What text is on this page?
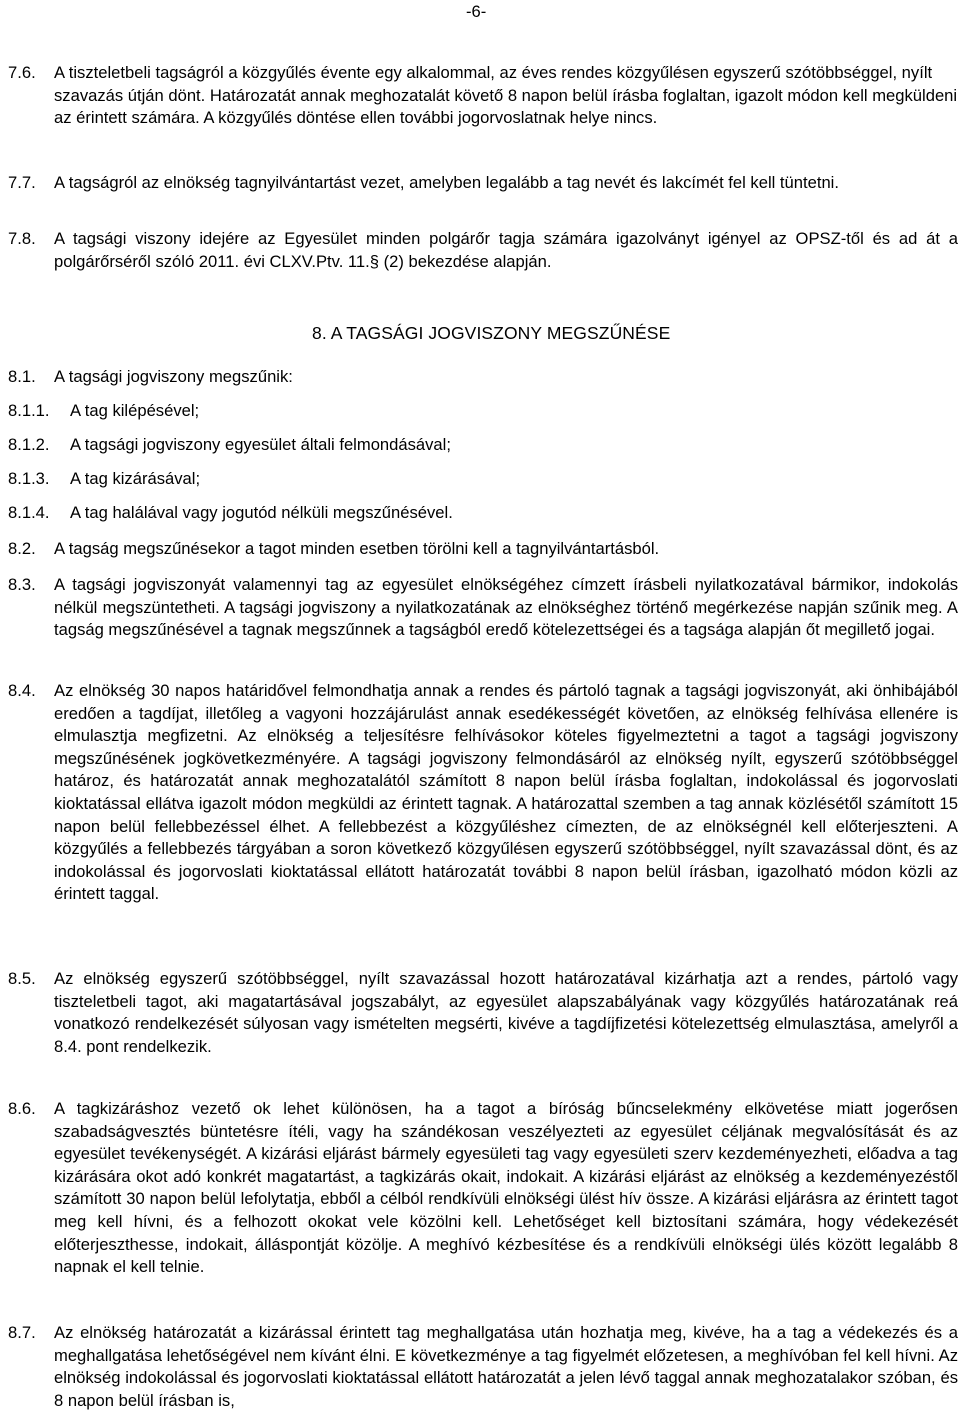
-6-
7.6.	A tiszteletbeli tagságról a közgyűlés évente egy alkalommal, az éves rendes közgyűlésen egyszerű szótöbbséggel, nyílt szavazás útján dönt. Határozatát annak meghozatalát követő 8 napon belül írásba foglaltan, igazolt módon kell megküldeni az érintett számára. A közgyűlés döntése ellen további jogorvoslatnak helye nincs.
7.7.	A tagságról az elnökség tagnyilvántartást vezet, amelyben legalább a tag nevét és lakcímét fel kell tüntetni.
7.8.	A tagsági viszony idejére az Egyesület minden polgárőr tagja számára igazolványt igényel az OPSZ-től és ad át a polgárőrséről szóló 2011. évi CLXV.Ptv. 11.§ (2) bekezdése alapján.
8. A TAGSÁGI JOGVISZONY MEGSZŰNÉSE
8.1.	A tagsági jogviszony megszűnik:
8.1.1.	A tag kilépésével;
8.1.2.	A tagsági jogviszony egyesület általi felmondásával;
8.1.3.	A tag kizárásával;
8.1.4.	A tag halálával vagy jogutód nélküli megszűnésével.
8.2.	A tagság megszűnésekor a tagot minden esetben törölni kell a tagnyilvántartásból.
8.3.	A tagsági jogviszonyát valamennyi tag az egyesület elnökségéhez címzett írásbeli nyilatkozatával bármikor, indokolás nélkül megszüntetheti. A tagsági jogviszony a nyilatkozatának az elnökséghez történő megérkezése napján szűnik meg. A tagság megszűnésével a tagnak megszűnnek a tagságból eredő kötelezettségei és a tagsága alapján őt megillető jogai.
8.4.	Az elnökség 30 napos határidővel felmondhatja annak a rendes és pártoló tagnak a tagsági jogviszonyát, aki önhibájából eredően a tagdíjat, illetőleg a vagyoni hozzájárulást annak esedékességét követően, az elnökség felhívása ellenére is elmulasztja megfizetni. Az elnökség a teljesítésre felhívásokor köteles figyelmeztetni a tagot a tagsági jogviszony megszűnésének jogkövetkezményére. A tagsági jogviszony felmondásáról az elnökség nyílt, egyszerű szótöbbséggel határoz, és határozatát annak meghozatalától számított 8 napon belül írásba foglaltan, indokolással és jogorvoslati kioktatással ellátva igazolt módon megküldi az érintett tagnak. A határozattal szemben a tag annak közlésétől számított 15 napon belül fellebbezéssel élhet. A fellebbezést a közgyűléshez címezten, de az elnökségnél kell előterjeszteni. A közgyűlés a fellebbezés tárgyában a soron következő közgyűlésen egyszerű szótöbbséggel, nyílt szavazással dönt, és az indokolással és jogorvoslati kioktatással ellátott határozatát további 8 napon belül írásban, igazolható módon közli az érintett taggal.
8.5.	Az elnökség egyszerű szótöbbséggel, nyílt szavazással hozott határozatával kizárhatja azt a rendes, pártoló vagy tiszteletbeli tagot, aki magatartásával jogszabályt, az egyesület alapszabályának vagy közgyűlés határozatának reá vonatkozó rendelkezését súlyosan vagy ismételten megsérti, kivéve a tagdíjfizetési kötelezettség elmulasztása, amelyről a 8.4. pont rendelkezik.
8.6.	A tagkizáráshoz vezető ok lehet különösen, ha a tagot a bíróság bűncselekmény elkövetése miatt jogerősen szabadságvesztés büntetésre ítéli, vagy ha szándékosan veszélyezteti az egyesület céljának megvalósítását és az egyesület tevékenységét. A kizárási eljárást bármely egyesületi tag vagy egyesületi szerv kezdeményezheti, előadva a tag kizárására okot adó konkrét magatartást, a tagkizárás okait, indokait. A kizárási eljárást az elnökség a kezdeményezéstől számított 30 napon belül lefolytatja, ebből a célból rendkívüli elnökségi ülést hív össze. A kizárási eljárásra az érintett tagot meg kell hívni, és a felhozott okokat vele közölni kell. Lehetőséget kell biztosítani számára, hogy védekezését előterjeszthesse, indokait, álláspontját közölje. A meghívó kézbesítése és a rendkívüli elnökségi ülés között legalább 8 napnak el kell telnie.
8.7.	Az elnökség határozatát a kizárással érintett tag meghallgatása után hozhatja meg, kivéve, ha a tag a védekezés és a meghallgatása lehetőségével nem kívánt élni. E következménye a tag figyelmét előzetesen, a meghívóban fel kell hívni. Az elnökség indokolással és jogorvoslati kioktatással ellátott határozatát a jelen lévő taggal annak meghozatalakor szóban, és 8 napon belül írásban is,
